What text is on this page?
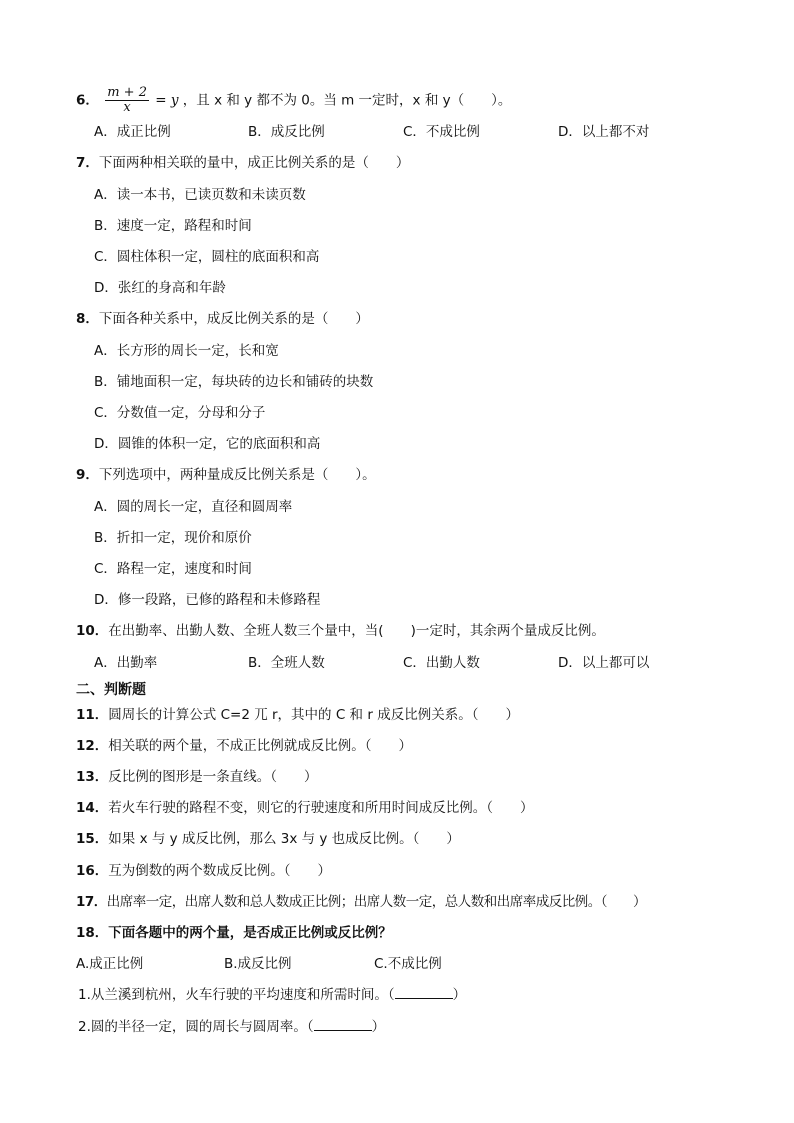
6． $\frac{m + 2}{x} = y$ ，且 x 和 y 都不为 0。当 m 一定时，x 和 y（　　）。
A．成正比例	B．成反比例	C．不成比例	D．以上都不对
7．下面两种相关联的量中，成正比例关系的是（　　）
A．读一本书，已读页数和未读页数
B．速度一定，路程和时间
C．圆柱体积一定，圆柱的底面积和高
D．张红的身高和年龄
8．下面各种关系中，成反比例关系的是（　　）
A．长方形的周长一定，长和宽
B．铺地面积一定，每块砖的边长和铺砖的块数
C．分数值一定，分母和分子
D．圆锥的体积一定，它的底面积和高
9．下列选项中，两种量成反比例关系是（　　）。
A．圆的周长一定，直径和圆周率
B．折扣一定，现价和原价
C．路程一定，速度和时间
D．修一段路，已修的路程和未修路程
10．在出勤率、出勤人数、全班人数三个量中，当(　　)一定时，其余两个量成反比例。
A．出勤率	B．全班人数	C．出勤人数	D．以上都可以
二、判断题
11．圆周长的计算公式 C=2 兀 r，其中的 C 和 r 成反比例关系。（　　）
12．相关联的两个量，不成正比例就成反比例。（　　）
13．反比例的图形是一条直线。（　　）
14．若火车行驶的路程不变，则它的行驶速度和所用时间成反比例。（　　）
15．如果 x 与 y 成反比例，那么 3x 与 y 也成反比例。（　　）
16．互为倒数的两个数成反比例。（　　）
17．出席率一定，出席人数和总人数成正比例；出席人数一定，总人数和出席率成反比例。（　　）
18．下面各题中的两个量，是否成正比例或反比例？
A.成正比例	B.成反比例	C.不成比例
1.从兰溪到杭州，火车行驶的平均速度和所需时间。（	）
2.圆的半径一定，圆的周长与圆周率。（	）
